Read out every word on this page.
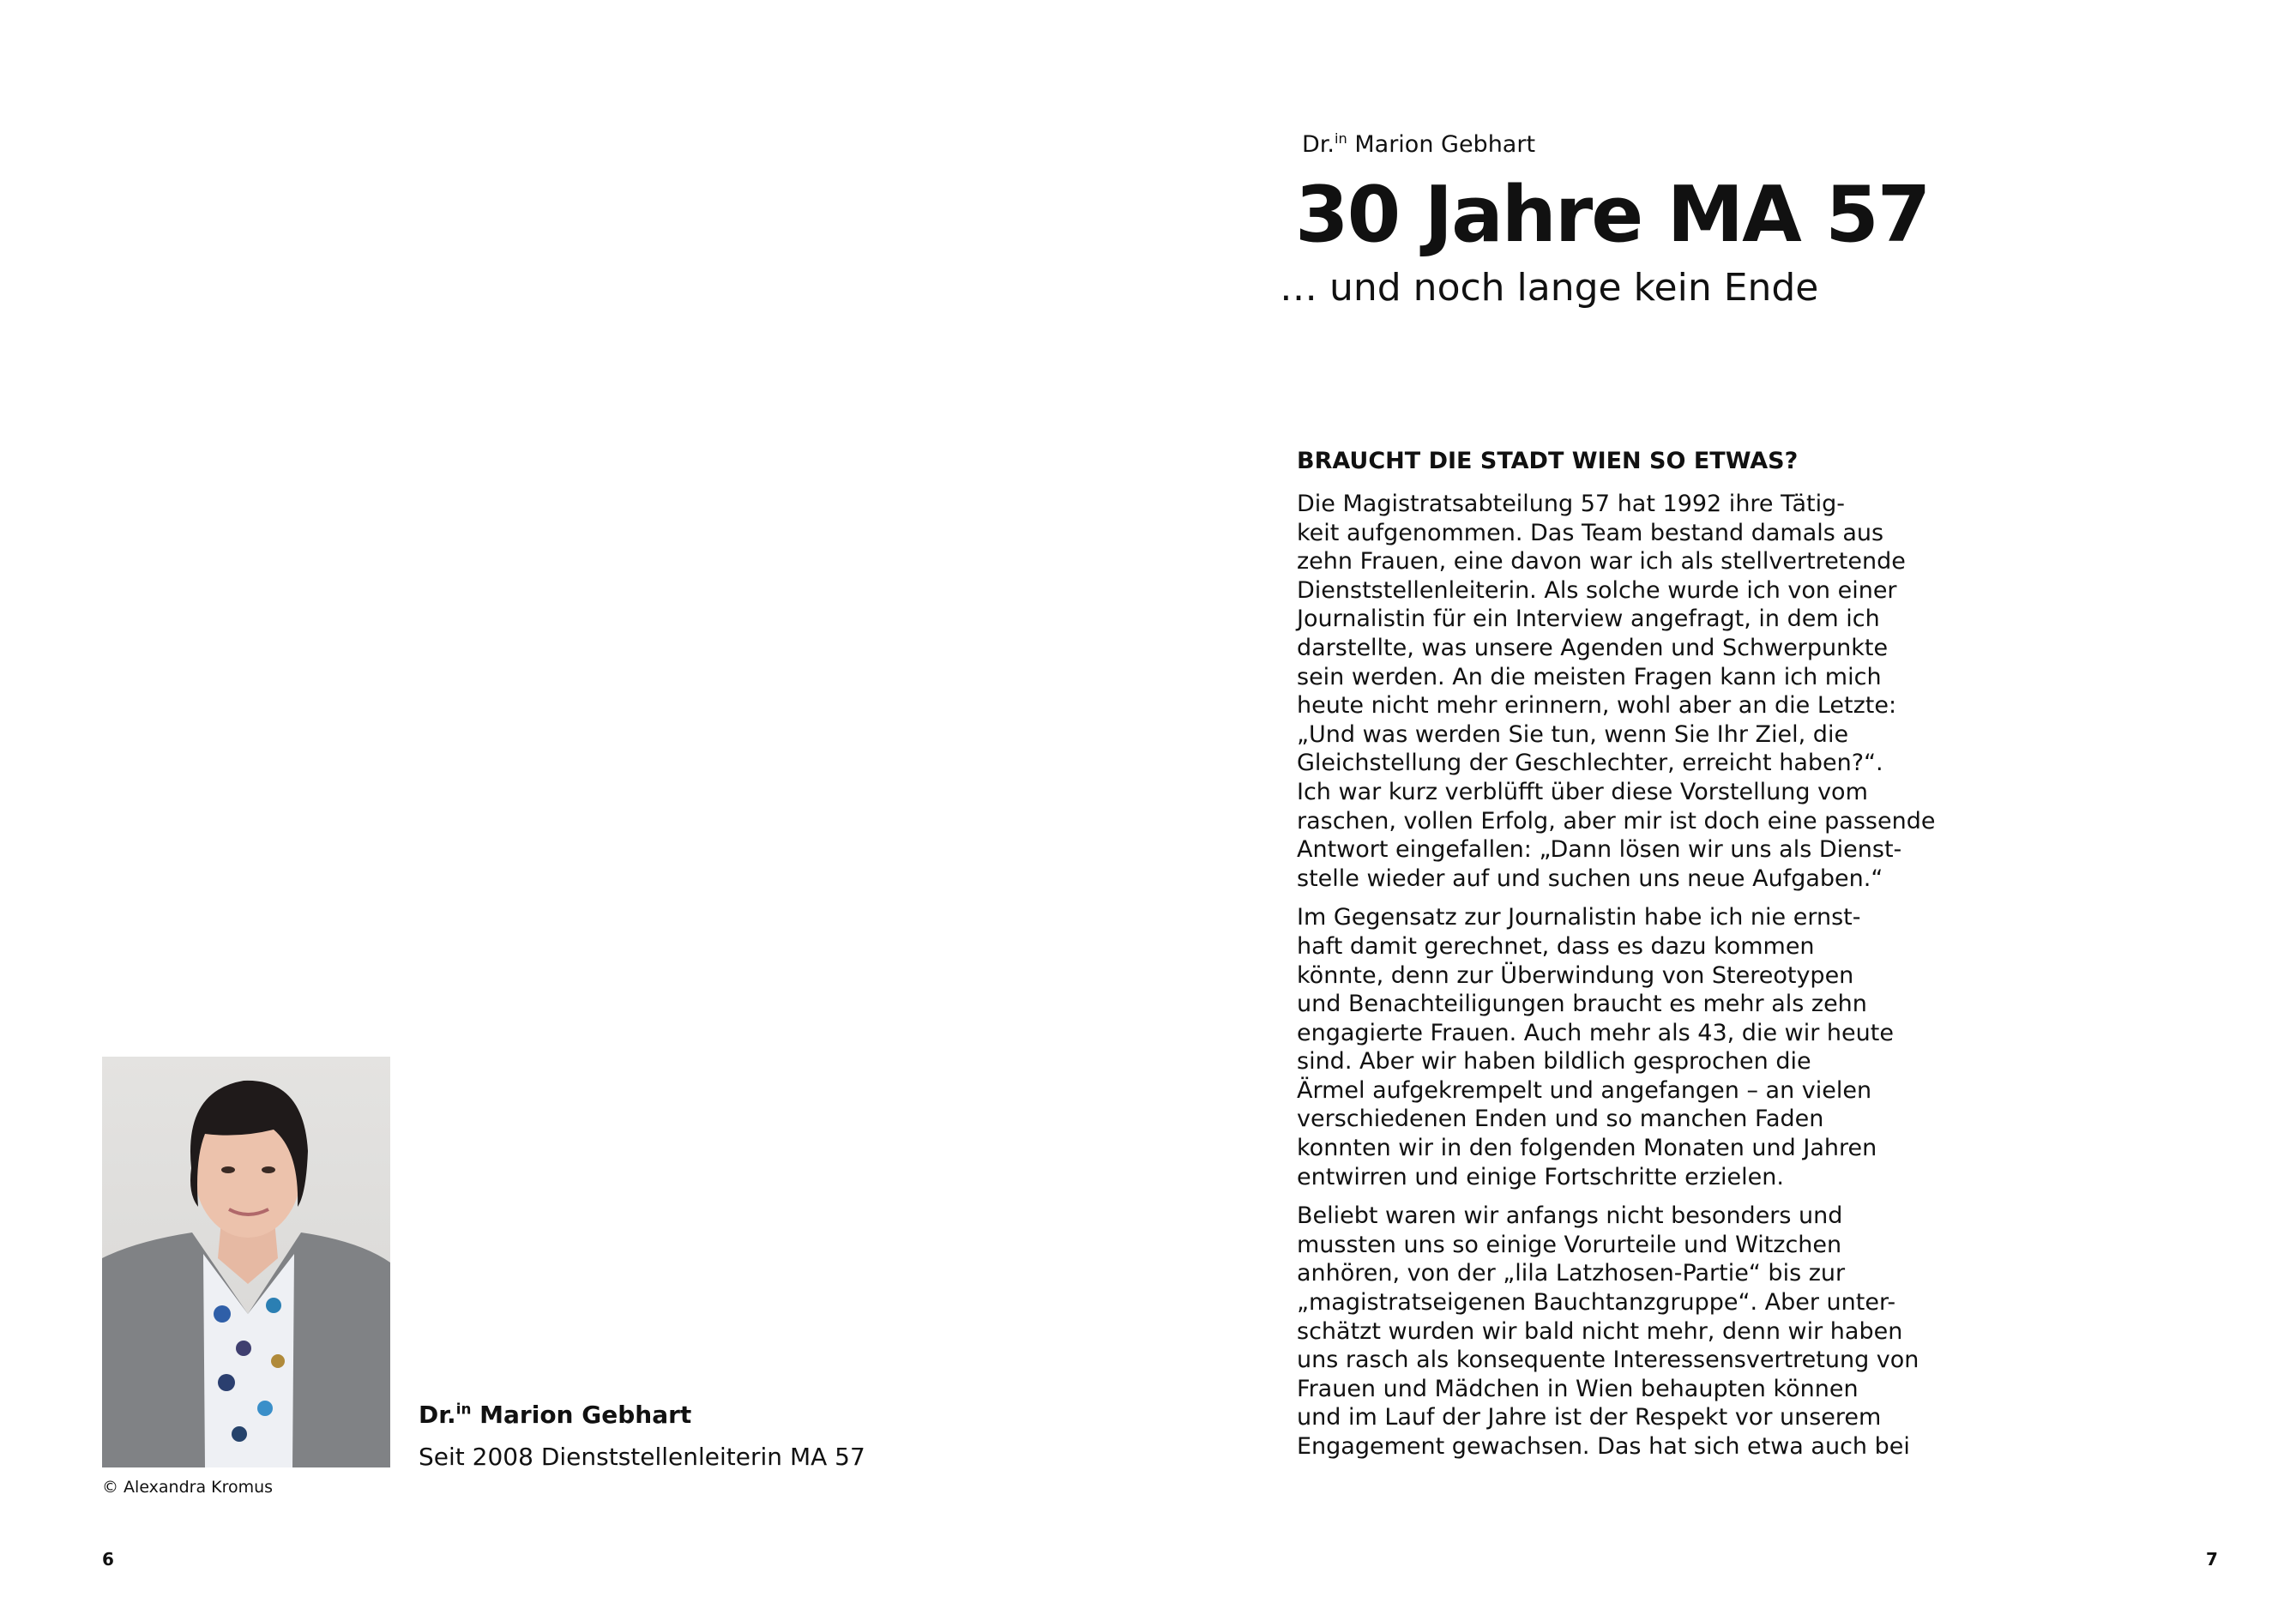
Dr.$^{in}$ Marion Gebhart
30 Jahre MA 57
… und noch lange kein Ende
BRAUCHT DIE STADT WIEN SO ETWAS?

Die Magistratsabteilung 57 hat 1992 ihre Tätig-
keit aufgenommen. Das Team bestand damals aus
zehn Frauen, eine davon war ich als stellvertretende
Dienststellenleiterin. Als solche wurde ich von einer
Journalistin für ein Interview angefragt, in dem ich
darstellte, was unsere Agenden und Schwerpunkte
sein werden. An die meisten Fragen kann ich mich
heute nicht mehr erinnern, wohl aber an die Letzte:
„Und was werden Sie tun, wenn Sie Ihr Ziel, die
Gleichstellung der Geschlechter, erreicht haben?“.
Ich war kurz verblüfft über diese Vorstellung vom
raschen, vollen Erfolg, aber mir ist doch eine passende
Antwort eingefallen: „Dann lösen wir uns als Dienst-
stelle wieder auf und suchen uns neue Aufgaben.“

Im Gegensatz zur Journalistin habe ich nie ernst-
haft damit gerechnet, dass es dazu kommen
könnte, denn zur Überwindung von Stereotypen
und Benachteiligungen braucht es mehr als zehn
engagierte Frauen. Auch mehr als 43, die wir heute
sind. Aber wir haben bildlich gesprochen die
Ärmel aufgekrempelt und angefangen – an vielen
verschiedenen Enden und so manchen Faden
konnten wir in den folgenden Monaten und Jahren
entwirren und einige Fortschritte erzielen.

Beliebt waren wir anfangs nicht besonders und
mussten uns so einige Vorurteile und Witzchen
anhören, von der „lila Latzhosen-Partie“ bis zur
„magistratseigenen Bauchtanzgruppe“. Aber unter-
schätzt wurden wir bald nicht mehr, denn wir haben
uns rasch als konsequente Interessensvertretung von
Frauen und Mädchen in Wien behaupten können
und im Lauf der Jahre ist der Respekt vor unserem
Engagement gewachsen. Das hat sich etwa auch bei

© Alexandra Kromus
Dr.$^{in}$ Marion Gebhart
Seit 2008 Dienststellenleiterin MA 57
6	7
